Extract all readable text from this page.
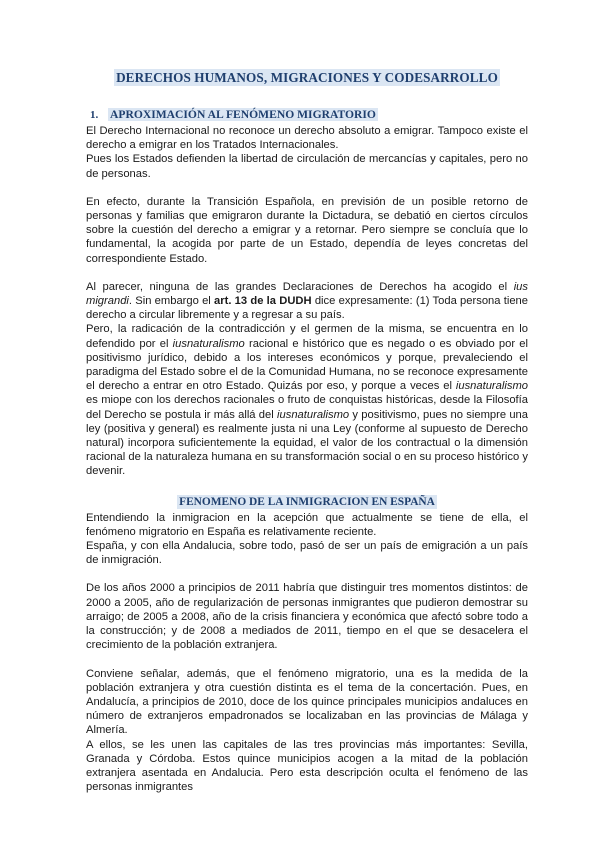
DERECHOS HUMANOS, MIGRACIONES Y CODESARROLLO
1. APROXIMACIÓN AL FENÓMENO MIGRATORIO

El Derecho Internacional no reconoce un derecho absoluto a emigrar. Tampoco existe el derecho a emigrar en los Tratados Internacionales.

Pues los Estados defienden la libertad de circulación de mercancías y capitales, pero no de personas.

En efecto, durante la Transición Española, en previsión de un posible retorno de personas y familias que emigraron durante la Dictadura, se debatió en ciertos círculos sobre la cuestión del derecho a emigrar y a retornar. Pero siempre se concluía que lo fundamental, la acogida por parte de un Estado, dependía de leyes concretas del correspondiente Estado.

Al parecer, ninguna de las grandes Declaraciones de Derechos ha acogido el ius migrandi. Sin embargo el art. 13 de la DUDH dice expresamente: (1) Toda persona tiene derecho a circular libremente y a regresar a su país.

Pero, la radicación de la contradicción y el germen de la misma, se encuentra en lo defendido por el iusnaturalismo racional e histórico que es negado o es obviado por el positivismo jurídico, debido a los intereses económicos y porque, prevaleciendo el paradigma del Estado sobre el de la Comunidad Humana, no se reconoce expresamente el derecho a entrar en otro Estado. Quizás por eso, y porque a veces el iusnaturalismo es miope con los derechos racionales o fruto de conquistas históricas, desde la Filosofía del Derecho se postula ir más allá del iusnaturalismo y positivismo, pues no siempre una ley (positiva y general) es realmente justa ni una Ley (conforme al supuesto de Derecho natural) incorpora suficientemente la equidad, el valor de los contractual o la dimensión racional de la naturaleza humana en su transformación social o en su proceso histórico y devenir.

FENOMENO DE LA INMIGRACION EN ESPAÑA

Entendiendo la inmigracion en la acepción que actualmente se tiene de ella, el fenómeno migratorio en España es relativamente reciente.

España, y con ella Andalucia, sobre todo, pasó de ser un país de emigración a un país de inmigración.

De los años 2000 a principios de 2011 habría que distinguir tres momentos distintos: de 2000 a 2005, año de regularización de personas inmigrantes que pudieron demostrar su arraigo; de 2005 a 2008, año de la crisis financiera y económica que afectó sobre todo a la construcción; y de 2008 a mediados de 2011, tiempo en el que se desacelera el crecimiento de la población extranjera.

Conviene señalar, además, que el fenómeno migratorio, una es la medida de la población extranjera y otra cuestión distinta es el tema de la concertación. Pues, en Andalucía, a principios de 2010, doce de los quince principales municipios andaluces en número de extranjeros empadronados se localizaban en las provincias de Málaga y Almería.

A ellos, se les unen las capitales de las tres provincias más importantes: Sevilla, Granada y Córdoba. Estos quince municipios acogen a la mitad de la población extranjera asentada en Andalucia. Pero esta descripción oculta el fenómeno de las personas inmigrantes
